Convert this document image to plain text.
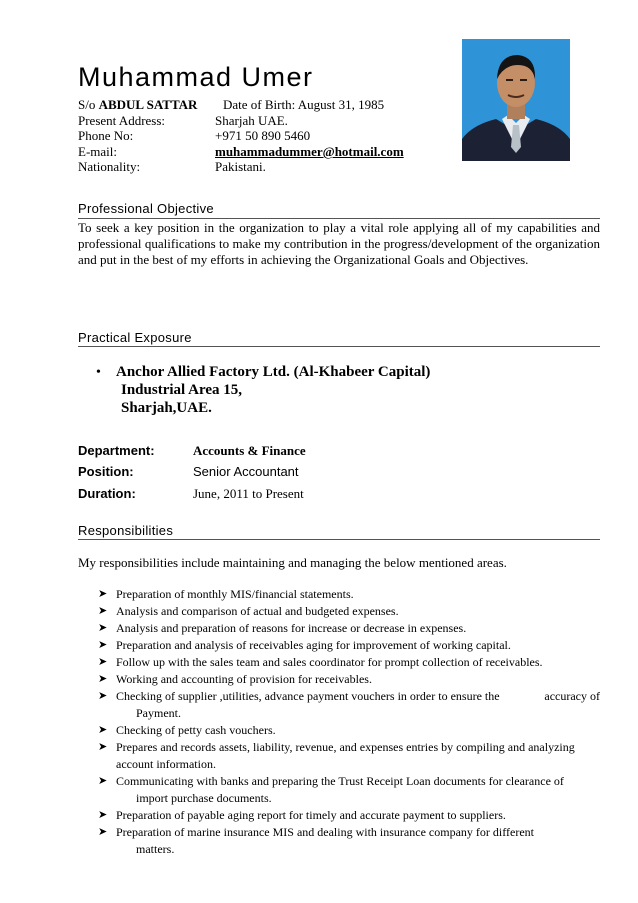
Muhammad Umer
S/o ABDUL SATTAR Date of Birth: August 31, 1985
Present Address:	Sharjah UAE.
Phone No:	+971 50 890 5460
E-mail:	muhammadummer@hotmail.com
Nationality:	Pakistani.
Professional Objective
To seek a key position in the organization to play a vital role applying all of my capabilities and professional qualifications to make my contribution in the progress/development of the organization and put in the best of my efforts in achieving the Organizational Goals and Objectives.
Practical Exposure
• Anchor Allied Factory Ltd. (Al-Khabeer Capital)
Industrial Area 15,
Sharjah,UAE.
Department:	Accounts & Finance
Position:	Senior Accountant
Duration:	June, 2011 to Present
Responsibilities
My responsibilities include maintaining and managing the below mentioned areas.
➤ Preparation of monthly MIS/financial statements.
➤ Analysis and comparison of actual and budgeted expenses.
➤ Analysis and preparation of reasons for increase or decrease in expenses.
➤ Preparation and analysis of receivables aging for improvement of working capital.
➤ Follow up with the sales team and sales coordinator for prompt collection of receivables.
➤ Working and accounting of provision for receivables.
➤ Checking of supplier ,utilities, advance payment vouchers in order to ensure the	accuracy of
Payment.
➤ Checking of petty cash vouchers.
➤ Prepares and records assets, liability, revenue, and expenses entries by compiling and analyzing
account information.
➤ Communicating with banks and preparing the Trust Receipt Loan documents for clearance of
import purchase documents.
➤ Preparation of payable aging report for timely and accurate payment to suppliers.
➤ Preparation of marine insurance MIS and dealing with insurance company for different
matters.
